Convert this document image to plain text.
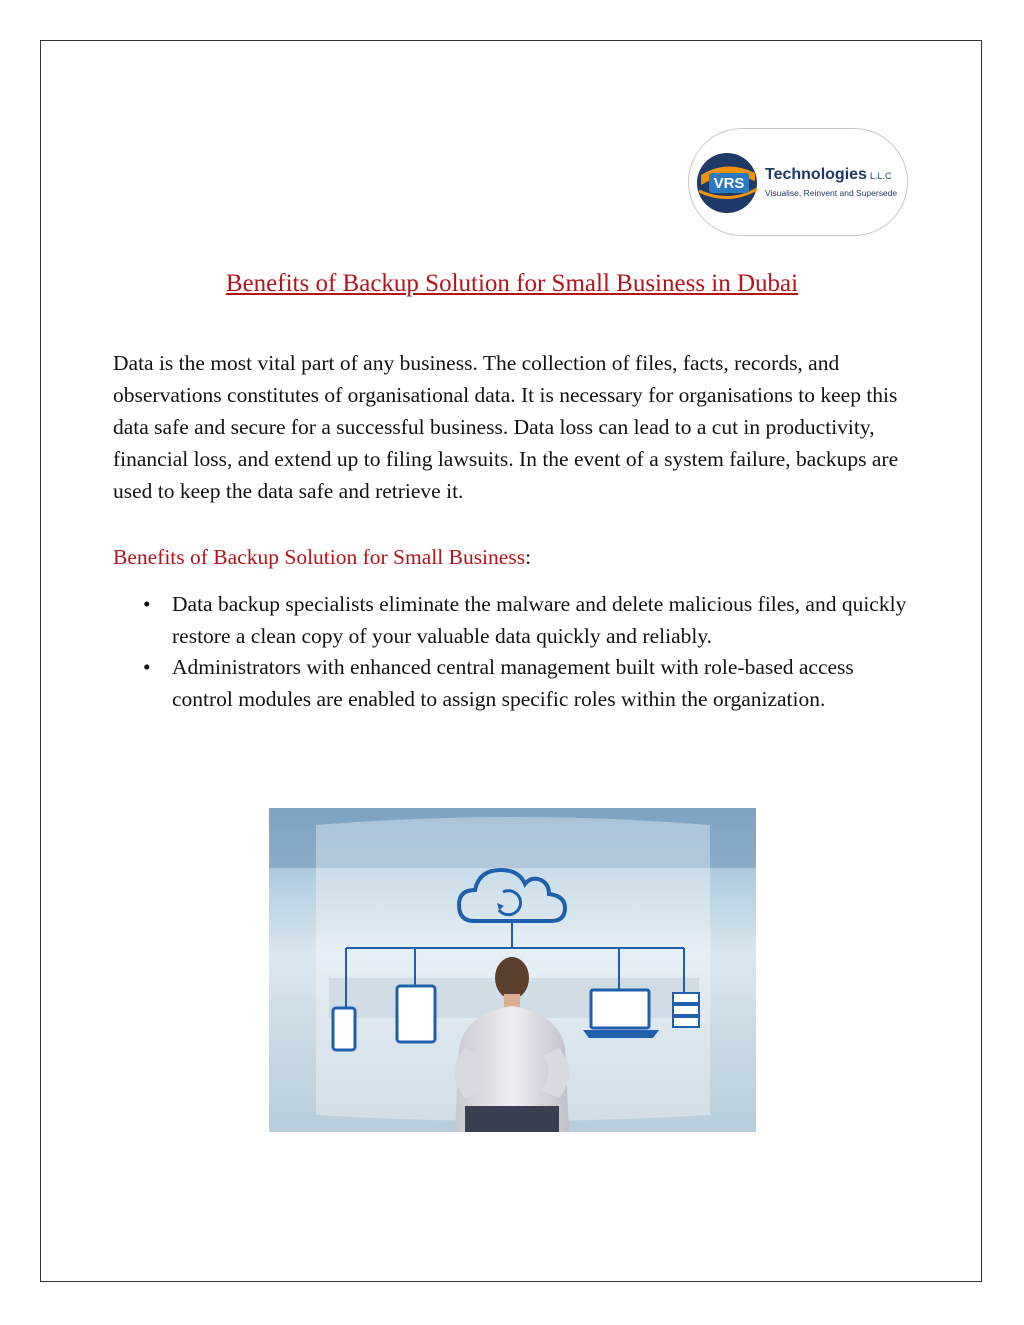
VRS
Technologies L.L.C
Visualise, Reinvent and Supersede
Benefits of Backup Solution for Small Business in Dubai

Data is the most vital part of any business. The collection of files, facts, records, and observations constitutes of organisational data. It is necessary for organisations to keep this data safe and secure for a successful business. Data loss can lead to a cut in productivity, financial loss, and extend up to filing lawsuits. In the event of a system failure, backups are used to keep the data safe and retrieve it.

Benefits of Backup Solution for Small Business:
• Data backup specialists eliminate the malware and delete malicious files, and quickly restore a clean copy of your valuable data quickly and reliably.
• Administrators with enhanced central management built with role-based access control modules are enabled to assign specific roles within the organization.
